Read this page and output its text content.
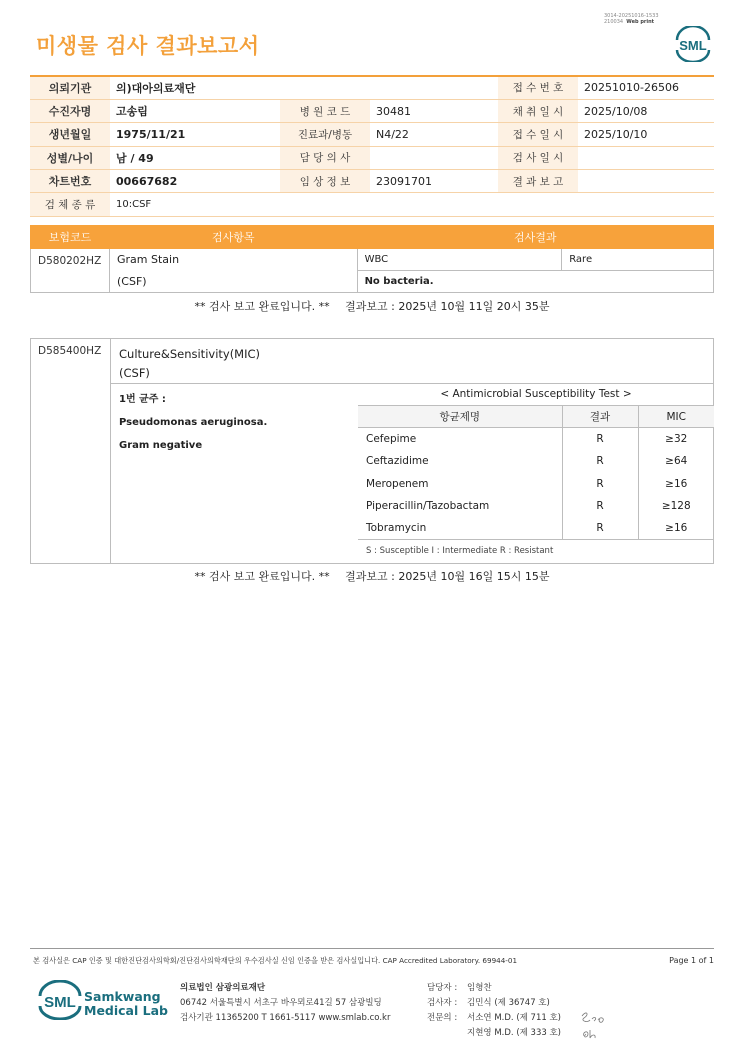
미생물 검사 결과보고서
3014-20251016-1533
210034 Web print
SML
의뢰기관	의)대아의료재단			접 수 번 호	20251010-26506
수진자명	고송림	병 원 코 드	30481	채 취 일 시	2025/10/08
생년월일	1975/11/21	진료과/병동	N4/22	접 수 일 시	2025/10/10
성별/나이	남 / 49	담 당 의 사		검 사 일 시	
차트번호	00667682	임 상 정 보	23091701	결 과 보 고	
검 체 종 류	10:CSF				
보험코드	검사항목	검사결과	
D580202HZ	Gram Stain	WBC	Rare
	(CSF)	No bacteria.	
** 검사 보고 완료입니다. ** 결과보고 : 2025년 10월 11일 20시 35분
D585400HZ	Culture&Sensitivity(MIC)
(CSF)
1번 균주 :
Pseudomonas aeruginosa.
Gram negative
< Antimicrobial Susceptibility Test >		
항균제명	결과	MIC
Cefepime	R	≥32
Ceftazidime	R	≥64
Meropenem	R	≥16
Piperacillin/Tazobactam	R	≥128
Tobramycin	R	≥16
S : Susceptible I : Intermediate R : Resistant		
** 검사 보고 완료입니다. ** 결과보고 : 2025년 10월 16일 15시 15분
본 검사실은 CAP 인증 및 대한진단검사의학회/진단검사의학재단의 우수검사실 신임 인증을 받은 검사실입니다. CAP Accredited Laboratory. 69944-01	Page 1 of 1
SML Samkwang
Medical Lab
의료법인 삼광의료재단
06742 서울특별시 서초구 바우뫼로41길 57 삼광빌딩
검사기관 11365200 T 1661-5117 www.smlab.co.kr
담당자 :	임형찬
검사자 :	김민식 (제 36747 호)
전문의 :	서소연 M.D. (제 711 호)
지현영 M.D. (제 333 호)
